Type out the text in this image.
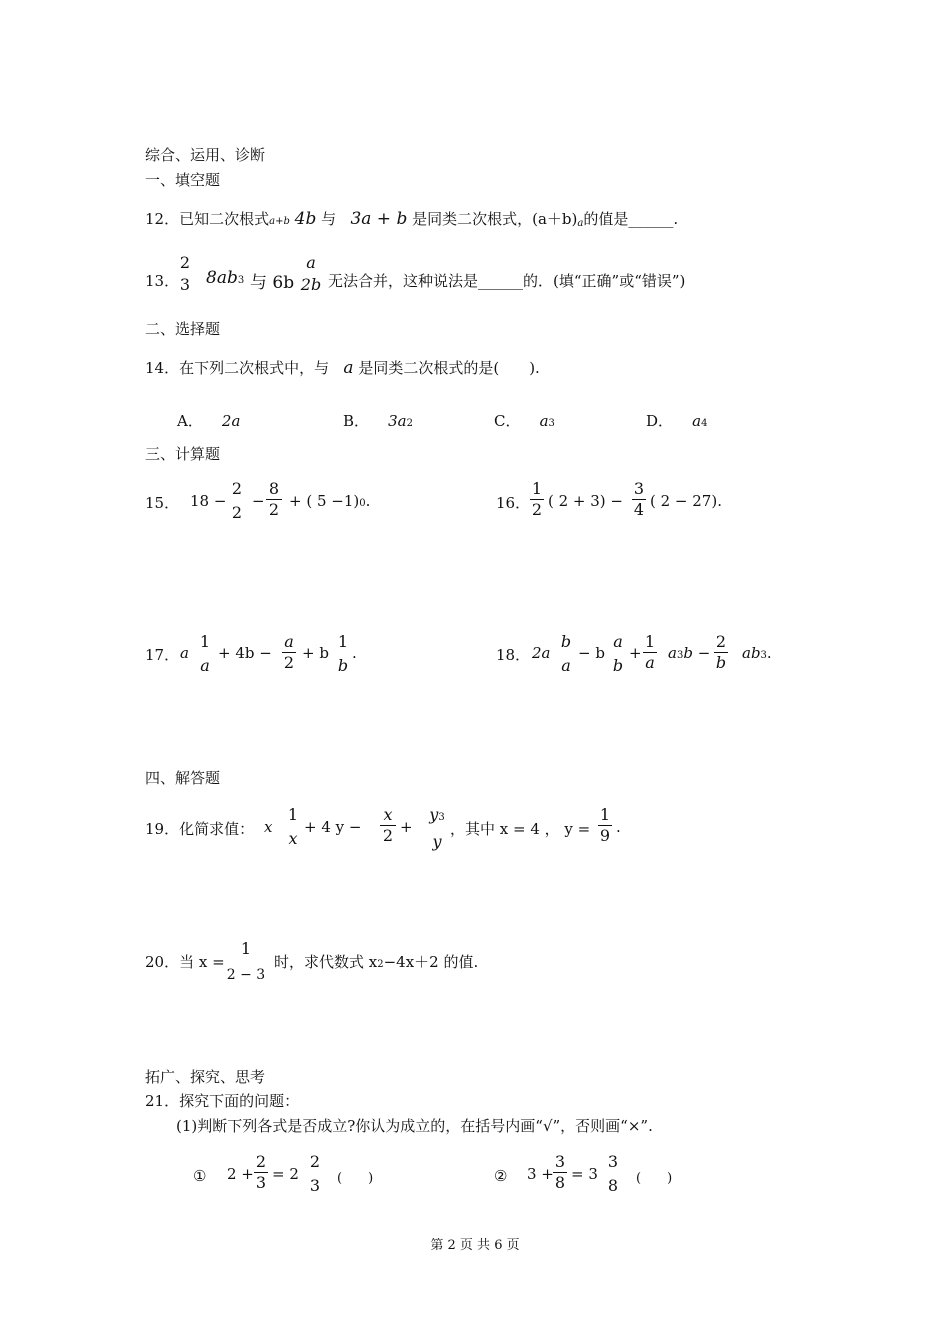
综合、运用、诊断
一、填空题
12．已知二次根式a+b 4b 与 3a + b 是同类二次根式，(a＋b)a的值是______.
13．
2
3 8ab3 与 6b
a
2b 无法合并，这种说法是______的．(填“正确”或“错误”)
二、选择题
14．在下列二次根式中，与 a 是同类二次根式的是(　　).
A． 2a	B． 3a2	C． a3	D． a4
三、计算题
15． 18 −
2
2
−
8
2 + ( 5 −1)0.	16．
1
2 ( 2 + 3) −
3
4 ( 2 − 27).
17． a
1
a
+ 4b −
a
2 + b
1
b
.	18． 2a
b
a
− b
a
b
+
1
a a3b −
2
b ab3.
四、解答题
19．化简求值： x
1
x
+ 4 y −
x
2 +
y3
y
，其中 x = 4 ， y =
1
9 .
20．当 x =
1
2 − 3
时，求代数式 x2−4x＋2 的值.
拓广、探究、思考
21．探究下面的问题：
(1)判断下列各式是否成立?你认为成立的，在括号内画“√”，否则画“×”.
① 2 +
2
3 = 2
2
3 (　　)	② 3 +
3
8 = 3
3
8 (　　)
第 2 页 共 6 页
